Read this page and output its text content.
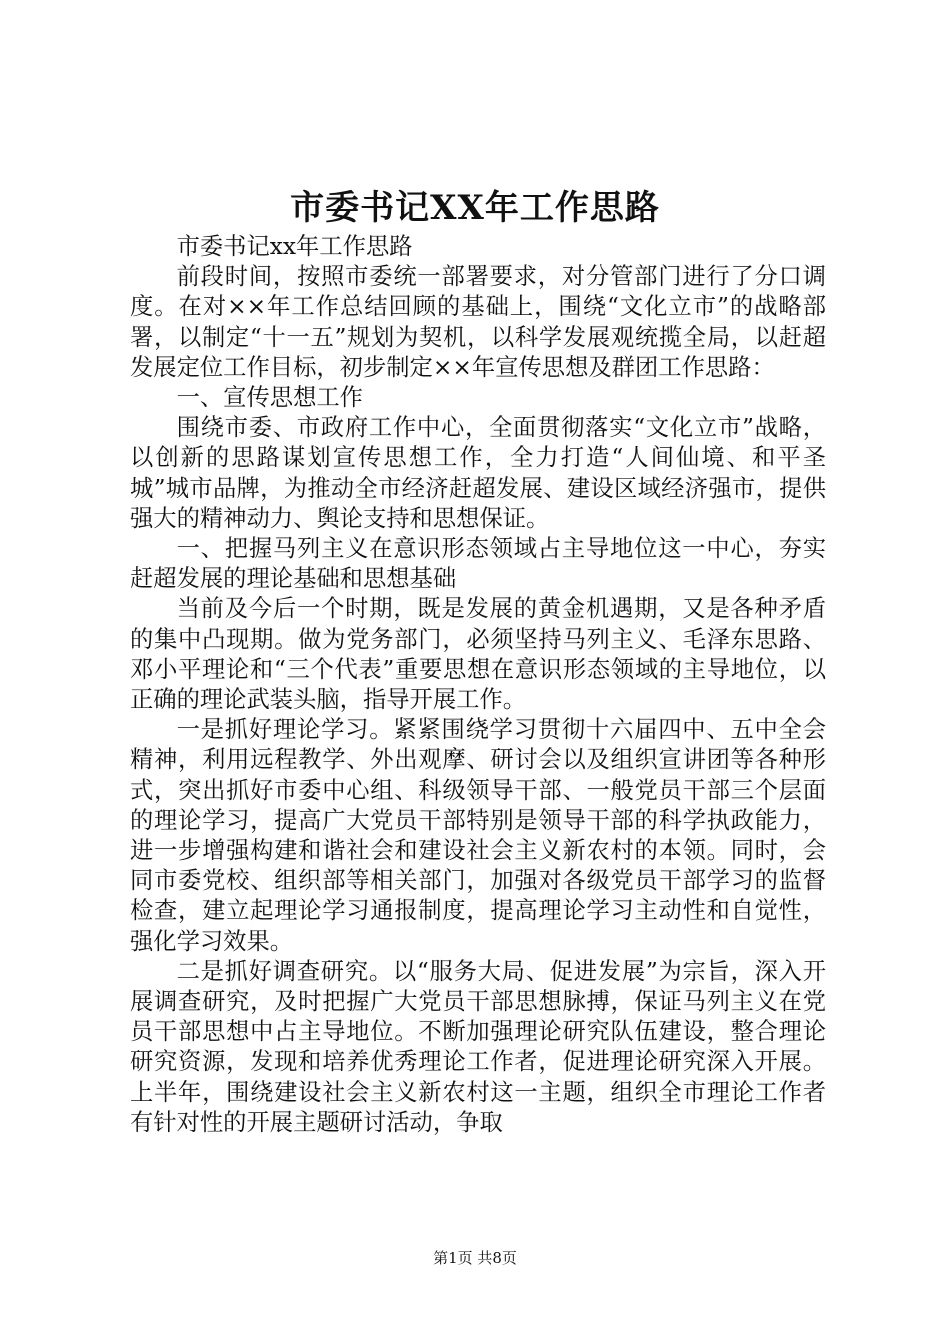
市委书记XX年工作思路

市委书记xx年工作思路

前段时间，按照市委统一部署要求，对分管部门进行了分口调度。在对××年工作总结回顾的基础上，围绕“文化立市”的战略部署，以制定“十一五”规划为契机，以科学发展观统揽全局，以赶超发展定位工作目标，初步制定××年宣传思想及群团工作思路：

一、宣传思想工作

围绕市委、市政府工作中心，全面贯彻落实“文化立市”战略，以创新的思路谋划宣传思想工作，全力打造“人间仙境、和平圣城”城市品牌，为推动全市经济赶超发展、建设区域经济强市，提供强大的精神动力、舆论支持和思想保证。

一、把握马列主义在意识形态领域占主导地位这一中心，夯实赶超发展的理论基础和思想基础

当前及今后一个时期，既是发展的黄金机遇期，又是各种矛盾的集中凸现期。做为党务部门，必须坚持马列主义、毛泽东思路、邓小平理论和“三个代表”重要思想在意识形态领域的主导地位，以正确的理论武装头脑，指导开展工作。

一是抓好理论学习。紧紧围绕学习贯彻十六届四中、五中全会精神，利用远程教学、外出观摩、研讨会以及组织宣讲团等各种形式，突出抓好市委中心组、科级领导干部、一般党员干部三个层面的理论学习，提高广大党员干部特别是领导干部的科学执政能力，进一步增强构建和谐社会和建设社会主义新农村的本领。同时，会同市委党校、组织部等相关部门，加强对各级党员干部学习的监督检查，建立起理论学习通报制度，提高理论学习主动性和自觉性，强化学习效果。

二是抓好调查研究。以“服务大局、促进发展”为宗旨，深入开展调查研究，及时把握广大党员干部思想脉搏，保证马列主义在党员干部思想中占主导地位。不断加强理论研究队伍建设，整合理论研究资源，发现和培养优秀理论工作者，促进理论研究深入开展。上半年，围绕建设社会主义新农村这一主题，组织全市理论工作者有针对性的开展主题研讨活动，争取

第1页 共8页
